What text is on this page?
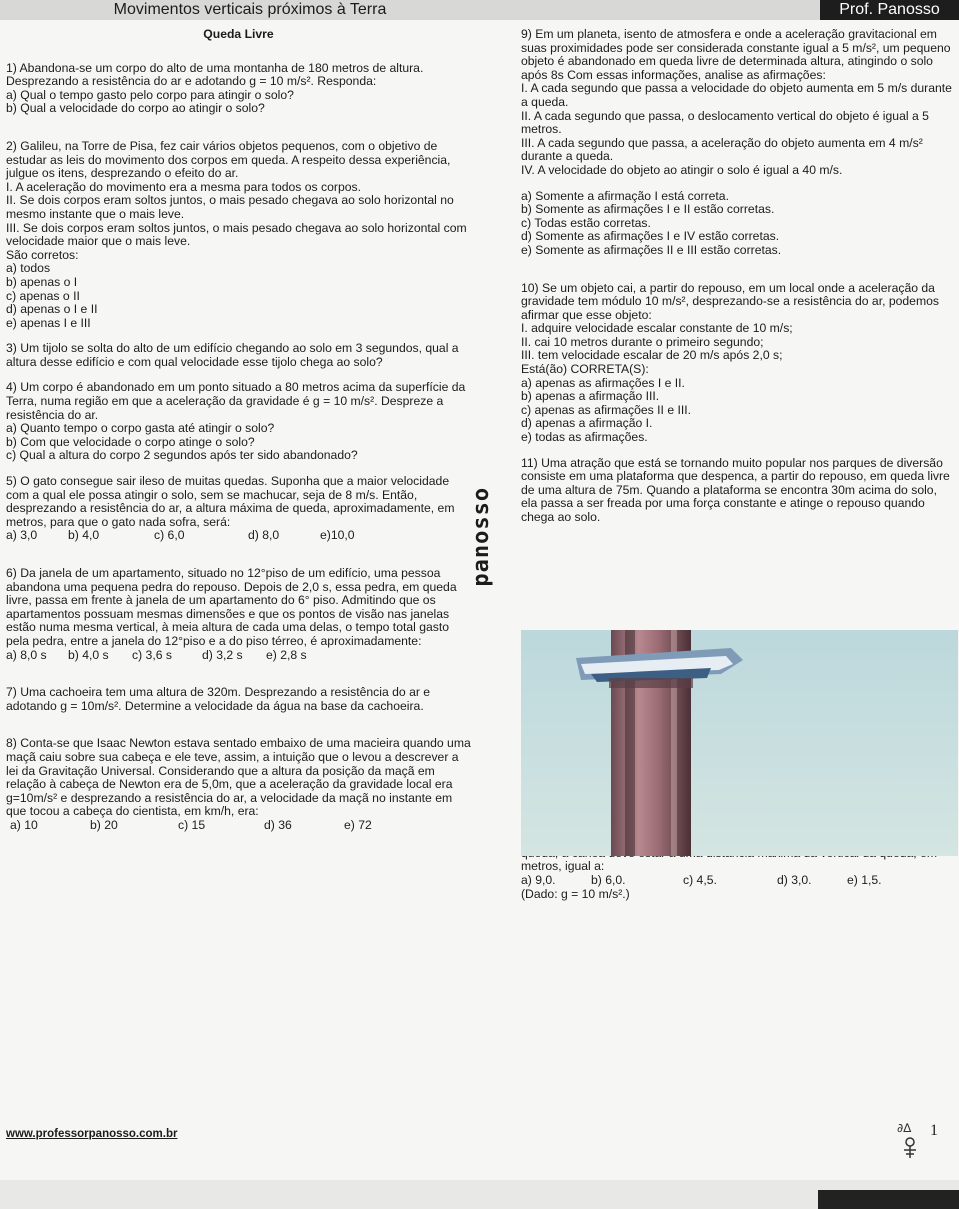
Movimentos verticais próximos à Terra	Prof. Panosso

Queda Livre

1) Abandona-se um corpo do alto de uma montanha de 180 metros de altura. Desprezando a resistência do ar e adotando g = 10 m/s². Responda:

a) Qual o tempo gasto pelo corpo para atingir o solo?

b) Qual a velocidade do corpo ao atingir o solo?

2) Galileu, na Torre de Pisa, fez cair vários objetos pequenos, com o objetivo de estudar as leis do movimento dos corpos em queda. A respeito dessa experiência, julgue os itens, desprezando o efeito do ar.

I. A aceleração do movimento era a mesma para todos os corpos.

II. Se dois corpos eram soltos juntos, o mais pesado chegava ao solo horizontal no mesmo instante que o mais leve.

III. Se dois corpos eram soltos juntos, o mais pesado chegava ao solo horizontal com velocidade maior que o mais leve.

São corretos:

a) todos

b) apenas o I

c) apenas o II

d) apenas o I e II

e) apenas I e III

3) Um tijolo se solta do alto de um edifício chegando ao solo em 3 segundos, qual a altura desse edifício e com qual velocidade esse tijolo chega ao solo?

4) Um corpo é abandonado em um ponto situado a 80 metros acima da superfície da Terra, numa região em que a aceleração da gravidade é g = 10 m/s². Despreze a resistência do ar.

a) Quanto tempo o corpo gasta até atingir o solo?

b) Com que velocidade o corpo atinge o solo?

c) Qual a altura do corpo 2 segundos após ter sido abandonado?

5) O gato consegue sair ileso de muitas quedas. Suponha que a maior velocidade com a qual ele possa atingir o solo, sem se machucar, seja de 8 m/s. Então, desprezando a resistência do ar, a altura máxima de queda, aproximadamente, em metros, para que o gato nada sofra, será:

a) 3,0	b) 4,0	c) 6,0	d) 8,0	e)10,0

6) Da janela de um apartamento, situado no 12°piso de um edifício, uma pessoa abandona uma pequena pedra do repouso. Depois de 2,0 s, essa pedra, em queda livre, passa em frente à janela de um apartamento do 6° piso. Admitindo que os apartamentos possuam mesmas dimensões e que os pontos de visão nas janelas estão numa mesma vertical, à meia altura de cada uma delas, o tempo total gasto pela pedra, entre a janela do 12°piso e a do piso térreo, é aproximadamente:

a) 8,0 s	b) 4,0 s	c) 3,6 s	d) 3,2 s	e) 2,8 s

7) Uma cachoeira tem uma altura de 320m. Desprezando a resistência do ar e adotando g = 10m/s². Determine a velocidade da água na base da cachoeira.

8) Conta-se que Isaac Newton estava sentado embaixo de uma macieira quando uma maçã caiu sobre sua cabeça e ele teve, assim, a intuição que o levou a descrever a lei da Gravitação Universal. Considerando que a altura da posição da maçã em relação à cabeça de Newton era de 5,0m, que a aceleração da gravidade local era g=10m/s² e desprezando a resistência do ar, a velocidade da maçã no instante em que tocou a cabeça do cientista, em km/h, era:

a) 10	b) 20	c) 15	d) 36	e) 72
panosso

9) Em um planeta, isento de atmosfera e onde a aceleração gravitacional em suas proximidades pode ser considerada constante igual a 5 m/s², um pequeno objeto é abandonado em queda livre de determinada altura, atingindo o solo após 8s Com essas informações, analise as afirmações:

I. A cada segundo que passa a velocidade do objeto aumenta em 5 m/s durante a queda.

II. A cada segundo que passa, o deslocamento vertical do objeto é igual a 5 metros.

III. A cada segundo que passa, a aceleração do objeto aumenta em 4 m/s² durante a queda.

IV. A velocidade do objeto ao atingir o solo é igual a 40 m/s.

a) Somente a afirmação I está correta.

b) Somente as afirmações I e II estão corretas.

c) Todas estão corretas.

d) Somente as afirmações I e IV estão corretas.

e) Somente as afirmações II e III estão corretas.

10) Se um objeto cai, a partir do repouso, em um local onde a aceleração da gravidade tem módulo 10 m/s², desprezando-se a resistência do ar, podemos afirmar que esse objeto:

I. adquire velocidade escalar constante de 10 m/s;

II. cai 10 metros durante o primeiro segundo;

III. tem velocidade escalar de 20 m/s após 2,0 s;

Está(ão) CORRETA(S):

a) apenas as afirmações I e II.

b) apenas a afirmação III.

c) apenas as afirmações II e III.

d) apenas a afirmação I.

e) todas as afirmações.

11) Uma atração que está se tornando muito popular nos parques de diversão consiste em uma plataforma que despenca, a partir do repouso, em queda livre de uma altura de 75m. Quando a plataforma se encontra 30m acima do solo, ela passa a ser freada por uma força constante e atinge o repouso quando chega ao solo.

metros, igual a:

a) 9,0.	b) 6,0.	c) 4,5.	d) 3,0.	e) 1,5.

(Dado: g = 10 m/s².)

www.professorpanosso.com.br	∂∆ 1
